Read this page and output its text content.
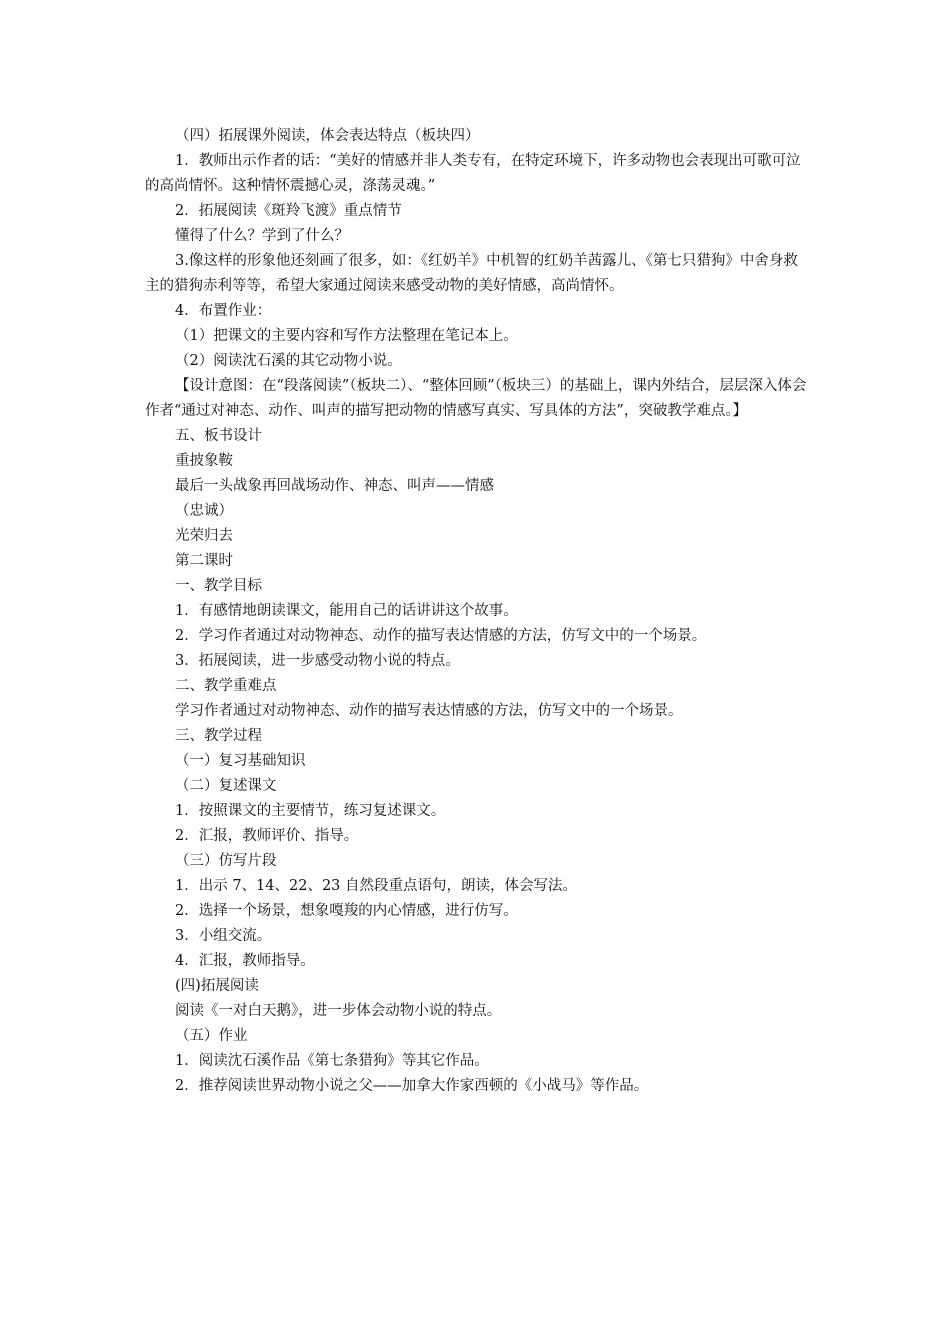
（四）拓展课外阅读，体会表达特点（板块四）

1．教师出示作者的话：“美好的情感并非人类专有，在特定环境下，许多动物也会表现出可歌可泣的高尚情怀。这种情怀震撼心灵，涤荡灵魂。”

2．拓展阅读《斑羚飞渡》重点情节

懂得了什么？学到了什么？

3.像这样的形象他还刻画了很多，如：《红奶羊》中机智的红奶羊茜露儿、《第七只猎狗》中舍身救主的猎狗赤利等等，希望大家通过阅读来感受动物的美好情感，高尚情怀。

4．布置作业：

（1）把课文的主要内容和写作方法整理在笔记本上。

（2）阅读沈石溪的其它动物小说。

【设计意图：在“段落阅读”（板块二）、“整体回顾”（板块三）的基础上，课内外结合，层层深入体会作者“通过对神态、动作、叫声的描写把动物的情感写真实、写具体的方法”，突破教学难点。】

五、板书设计

重披象鞍

最后一头战象再回战场动作、神态、叫声——情感

（忠诚）

光荣归去

第二课时

一、教学目标

1．有感情地朗读课文，能用自己的话讲讲这个故事。

2．学习作者通过对动物神态、动作的描写表达情感的方法，仿写文中的一个场景。

3．拓展阅读，进一步感受动物小说的特点。

二、教学重难点

学习作者通过对动物神态、动作的描写表达情感的方法，仿写文中的一个场景。

三、教学过程

（一）复习基础知识

（二）复述课文

1．按照课文的主要情节，练习复述课文。

2．汇报，教师评价、指导。

（三）仿写片段

1．出示 7、14、22、23 自然段重点语句，朗读，体会写法。

2．选择一个场景，想象嘎羧的内心情感，进行仿写。

3．小组交流。

4．汇报，教师指导。

(四)拓展阅读

阅读《一对白天鹅》，进一步体会动物小说的特点。

（五）作业

1．阅读沈石溪作品《第七条猎狗》等其它作品。

2．推荐阅读世界动物小说之父——加拿大作家西顿的《小战马》等作品。
